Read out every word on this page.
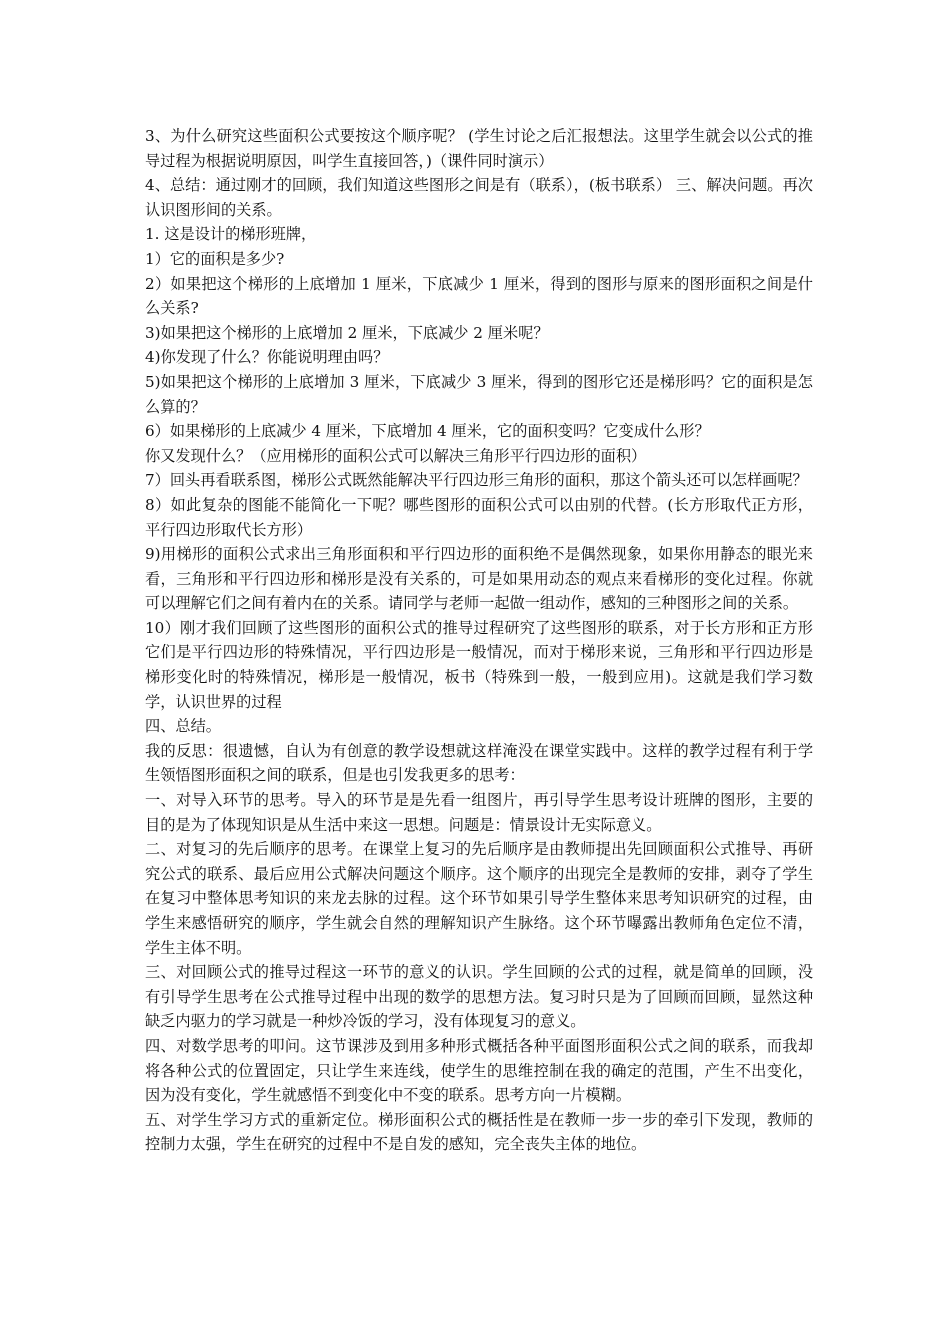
3、为什么研究这些面积公式要按这个顺序呢？ (学生讨论之后汇报想法。这里学生就会以公式的推导过程为根据说明原因，叫学生直接回答，)（课件同时演示）

4、总结：通过刚才的回顾，我们知道这些图形之间是有（联系），(板书联系） 三、解决问题。再次认识图形间的关系。

1. 这是设计的梯形班牌，

1）它的面积是多少?

2）如果把这个梯形的上底增加 1 厘米，下底减少 1 厘米，得到的图形与原来的图形面积之间是什么关系?

3)如果把这个梯形的上底增加 2 厘米，下底减少 2 厘米呢？

4)你发现了什么？你能说明理由吗？

5)如果把这个梯形的上底增加 3 厘米，下底减少 3 厘米，得到的图形它还是梯形吗？它的面积是怎么算的？

6）如果梯形的上底减少 4 厘米，下底增加 4 厘米，它的面积变吗？它变成什么形？

你又发现什么？（应用梯形的面积公式可以解决三角形平行四边形的面积）

7）回头再看联系图，梯形公式既然能解决平行四边形三角形的面积，那这个箭头还可以怎样画呢？

8）如此复杂的图能不能简化一下呢？哪些图形的面积公式可以由别的代替。(长方形取代正方形，平行四边形取代长方形）

9)用梯形的面积公式求出三角形面积和平行四边形的面积绝不是偶然现象，如果你用静态的眼光来看，三角形和平行四边形和梯形是没有关系的，可是如果用动态的观点来看梯形的变化过程。你就可以理解它们之间有着内在的关系。请同学与老师一起做一组动作，感知的三种图形之间的关系。

10）刚才我们回顾了这些图形的面积公式的推导过程研究了这些图形的联系，对于长方形和正方形它们是平行四边形的特殊情况，平行四边形是一般情况，而对于梯形来说，三角形和平行四边形是梯形变化时的特殊情况，梯形是一般情况，板书（特殊到一般，一般到应用)。这就是我们学习数学，认识世界的过程

四、总结。

我的反思：很遗憾，自认为有创意的教学设想就这样淹没在课堂实践中。这样的教学过程有利于学生领悟图形面积之间的联系，但是也引发我更多的思考：

一、对导入环节的思考。导入的环节是是先看一组图片，再引导学生思考设计班牌的图形，主要的目的是为了体现知识是从生活中来这一思想。问题是：情景设计无实际意义。

二、对复习的先后顺序的思考。在课堂上复习的先后顺序是由教师提出先回顾面积公式推导、再研究公式的联系、最后应用公式解决问题这个顺序。这个顺序的出现完全是教师的安排，剥夺了学生在复习中整体思考知识的来龙去脉的过程。这个环节如果引导学生整体来思考知识研究的过程，由学生来感悟研究的顺序，学生就会自然的理解知识产生脉络。这个环节曝露出教师角色定位不清，学生主体不明。

三、对回顾公式的推导过程这一环节的意义的认识。学生回顾的公式的过程，就是简单的回顾，没有引导学生思考在公式推导过程中出现的数学的思想方法。复习时只是为了回顾而回顾，显然这种缺乏内驱力的学习就是一种炒冷饭的学习，没有体现复习的意义。

四、对数学思考的叩问。这节课涉及到用多种形式概括各种平面图形面积公式之间的联系，而我却将各种公式的位置固定，只让学生来连线，使学生的思维控制在我的确定的范围，产生不出变化，因为没有变化，学生就感悟不到变化中不变的联系。思考方向一片模糊。

五、对学生学习方式的重新定位。梯形面积公式的概括性是在教师一步一步的牵引下发现，教师的控制力太强，学生在研究的过程中不是自发的感知，完全丧失主体的地位。
